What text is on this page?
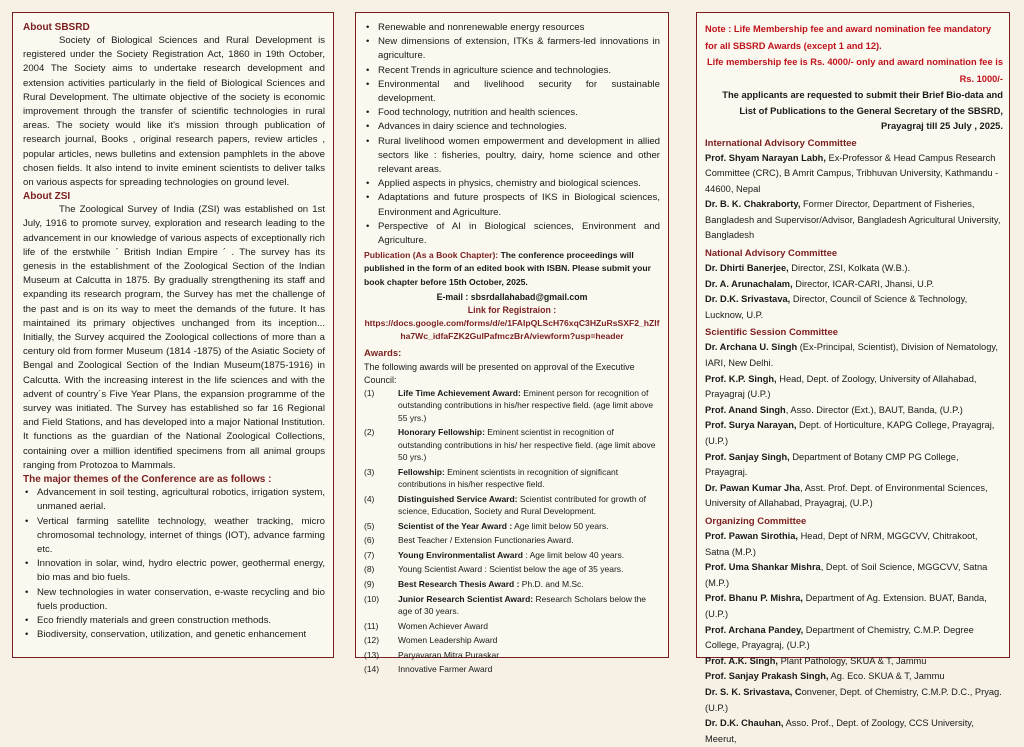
About SBSRD

Society of Biological Sciences and Rural Development is registered under the Society Registration Act, 1860 in 19th October, 2004 The Society aims to undertake research development and extension activities particularly in the field of Biological Sciences and Rural Development. The ultimate objective of the society is economic improvement through the transfer of scientific technologies in rural areas. The society would like it's mission through publication of research journal, Books , original research papers, review articles , popular articles, news bulletins and extension pamphlets in the above chosen fields. It also intend to invite eminent scientists to deliver talks on various aspects for spreading technologies on ground level.

About ZSI

The Zoological Survey of India (ZSI) was established on 1st July, 1916 to promote survey, exploration and research leading to the advancement in our knowledge of various aspects of exceptionally rich life of the erstwhile ´ British Indian Empire ´ . The survey has its genesis in the establishment of the Zoological Section of the Indian Museum at Calcutta in 1875. By gradually strengthening its staff and expanding its research program, the Survey has met the challenge of the past and is on its way to meet the demands of the future. It has maintained its primary objectives unchanged from its inception... Initially, the Survey acquired the Zoological collections of more than a century old from former Museum (1814 -1875) of the Asiatic Society of Bengal and Zoological Section of the Indian Museum(1875-1916) in Calcutta. With the increasing interest in the life sciences and with the advent of country´s Five Year Plans, the expansion programme of the survey was initiated. The Survey has established so far 16 Regional and Field Stations, and has developed into a major National Institution. It functions as the guardian of the National Zoological Collections, containing over a million identified specimens from all animal groups ranging from Protozoa to Mammals.

The major themes of the Conference are as follows :
• Advancement in soil testing, agricultural robotics, irrigation system, unmaned aerial.
• Vertical farming satellite technology, weather tracking, micro chromosomal technology, internet of things (IOT), advance farming etc.
• Innovation in solar, wind, hydro electric power, geothermal energy, bio mas and bio fuels.
• New technologies in water conservation, e-waste recycling and bio fuels production.
• Eco friendly materials and green construction methods.
• Biodiversity, conservation, utilization, and genetic enhancement
• Renewable and nonrenewable energy resources
• New dimensions of extension, ITKs & farmers-led innovations in agriculture.
• Recent Trends in agriculture science and technologies.
• Environmental and livelihood security for sustainable development.
• Food technology, nutrition and health sciences.
• Advances in dairy science and technologies.
• Rural livelihood women empowerment and development in allied sectors like : fisheries, poultry, dairy, home science and other relevant areas.
• Applied aspects in physics, chemistry and biological sciences.
• Adaptations and future prospects of IKS in Biological sciences, Environment and Agriculture.
• Perspective of AI in Biological sciences, Environment and Agriculture.

Publication (As a Book Chapter): The conference proceedings will published in the form of an edited book with ISBN. Please submit your book chapter before 15th October, 2025.

E-mail : sbsrdallahabad@gmail.com
Link for Registraion :
https://docs.google.com/forms/d/e/1FAIpQLScH76xqC3HZuRsSXF2_hZlfha7Wc_idfaFZK2GulPafmczBrA/viewform?usp=header
Awards:
The following awards will be presented on approval of the Executive Council:
(1)	Life Time Achievement Award: Eminent person for recognition of outstanding contributions in his/her respective field. (age limit above 55 yrs.)
(2)	Honorary Fellowship: Eminent scientist in recognition of outstanding contributions in his/ her respective field. (age limit above 50 yrs.)
(3)	Fellowship: Eminent scientists in recognition of significant contributions in his/her respective field.
(4)	Distinguished Service Award: Scientist contributed for growth of science, Education, Society and Rural Development.
(5)	Scientist of the Year Award : Age limit below 50 years.
(6)	Best Teacher / Extension Functionaries Award.
(7)	Young Environmentalist Award : Age limit below 40 years.
(8)	Young Scientist Award : Scientist below the age of 35 years.
(9)	Best Research Thesis Award : Ph.D. and M.Sc.
(10)	Junior Research Scientist Award: Research Scholars below the age of 30 years.
(11)	Women Achiever Award
(12)	Women Leadership Award
(13)	Paryavaran Mitra Puraskar
(14)	Innovative Farmer Award
Note : Life Membership fee and award nomination fee mandatory for all SBSRD Awards (except 1 and 12).
Life membership fee is Rs. 4000/- only and award nomination fee is Rs. 1000/-
The applicants are requested to submit their Brief Bio-data and List of Publications to the General Secretary of the SBSRD, Prayagraj till 25 July , 2025.
International Advisory Committee
Prof. Shyam Narayan Labh, Ex-Professor & Head Campus Research Committee (CRC), B Amrit Campus, Tribhuvan University, Kathmandu - 44600, Nepal
Dr. B. K. Chakraborty, Former Director, Department of Fisheries, Bangladesh and Supervisor/Advisor, Bangladesh Agricultural University, Bangladesh
National Advisory Committee
Dr. Dhirti Banerjee, Director, ZSI, Kolkata (W.B.).
Dr. A. Arunachalam, Director, ICAR-CARI, Jhansi, U.P.
Dr. D.K. Srivastava, Director, Council of Science & Technology, Lucknow, U.P.
Scientific Session Committee
Dr. Archana U. Singh (Ex-Principal, Scientist), Division of Nematology, IARI, New Delhi.
Prof. K.P. Singh, Head, Dept. of Zoology, University of Allahabad, Prayagraj (U.P.)
Prof. Anand Singh, Asso. Director (Ext.), BAUT, Banda, (U.P.)
Prof. Surya Narayan, Dept. of Horticulture, KAPG College, Prayagraj, (U.P.)
Prof. Sanjay Singh, Department of Botany CMP PG College, Prayagraj.
Dr. Pawan Kumar Jha, Asst. Prof. Dept. of Environmental Sciences, University of Allahabad, Prayagraj, (U.P.)
Organizing Committee
Prof. Pawan Sirothia, Head, Dept of NRM, MGGCVV, Chitrakoot, Satna (M.P.)
Prof. Uma Shankar Mishra, Dept. of Soil Science, MGGCVV, Satna (M.P.)
Prof. Bhanu P. Mishra, Department of Ag. Extension. BUAT, Banda, (U.P.)
Prof. Archana Pandey, Department of Chemistry, C.M.P. Degree College, Prayagraj, (U.P.)
Prof. A.K. Singh, Plant Pathology, SKUA & T, Jammu
Prof. Sanjay Prakash Singh, Ag. Eco. SKUA & T, Jammu
Dr. S. K. Srivastava, Convener, Dept. of Chemistry, C.M.P. D.C., Pryag. (U.P.)
Dr. D.K. Chauhan, Asso. Prof., Dept. of Zoology, CCS University, Meerut,
